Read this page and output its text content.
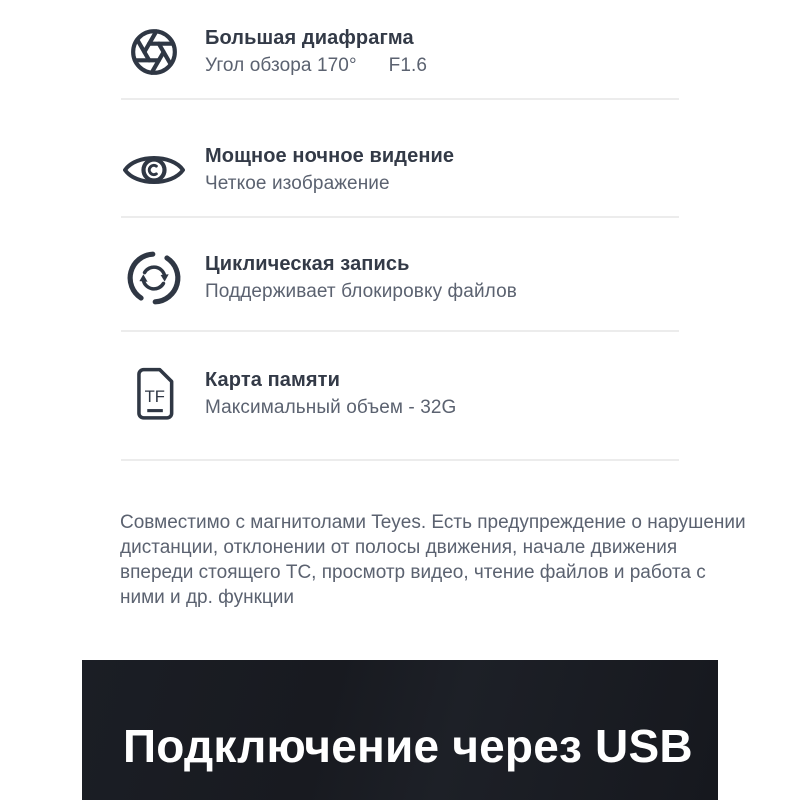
Большая диафрагма
Угол обзора 170° F1.6
Мощное ночное видение
Четкое изображение
Циклическая запись
Поддерживает блокировку файлов
TF
Карта памяти
Максимальный объем - 32G
Совместимо с магнитолами Teyes. Есть предупреждение о нарушении
дистанции, отклонении от полосы движения, начале движения
впереди стоящего ТС, просмотр видео, чтение файлов и работа с
ними и др. функции
Подключение через USB
